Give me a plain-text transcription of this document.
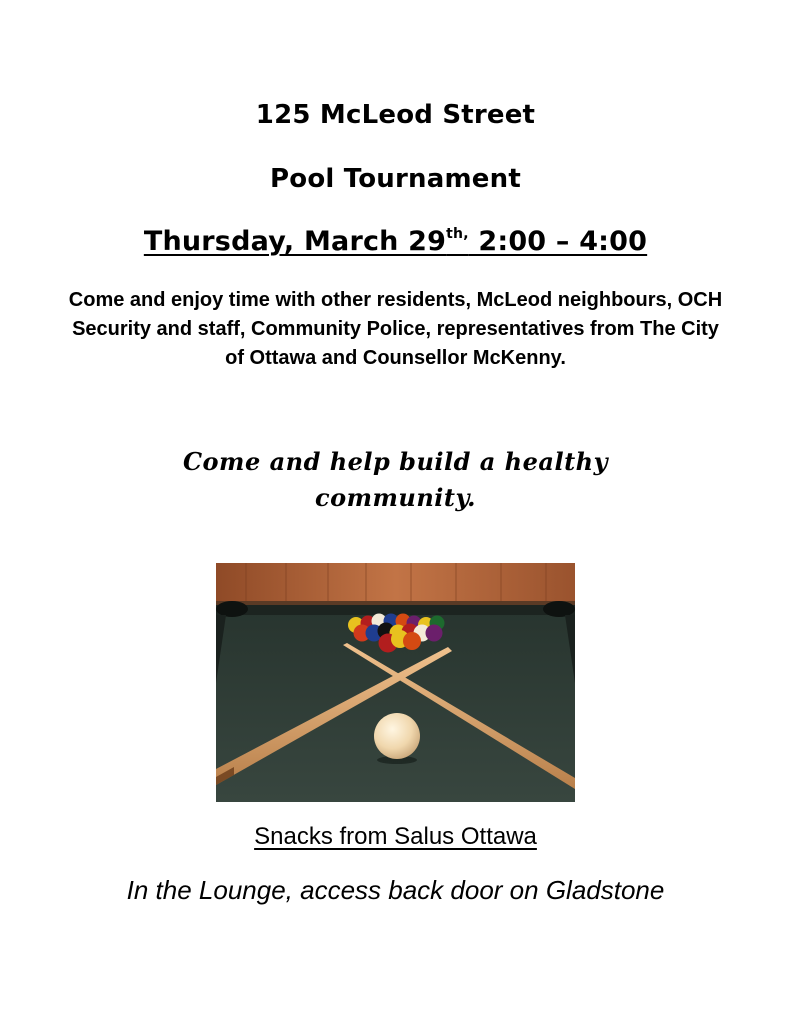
125 McLeod Street
Pool Tournament
Thursday, March $29^{th,}$ 2:00 – 4:00
Come and enjoy time with other residents, McLeod neighbours, OCH Security and staff, Community Police, representatives from The City of Ottawa and Counsellor McKenny.
Come and help build a healthy community.
Snacks from Salus Ottawa
In the Lounge, access back door on Gladstone
